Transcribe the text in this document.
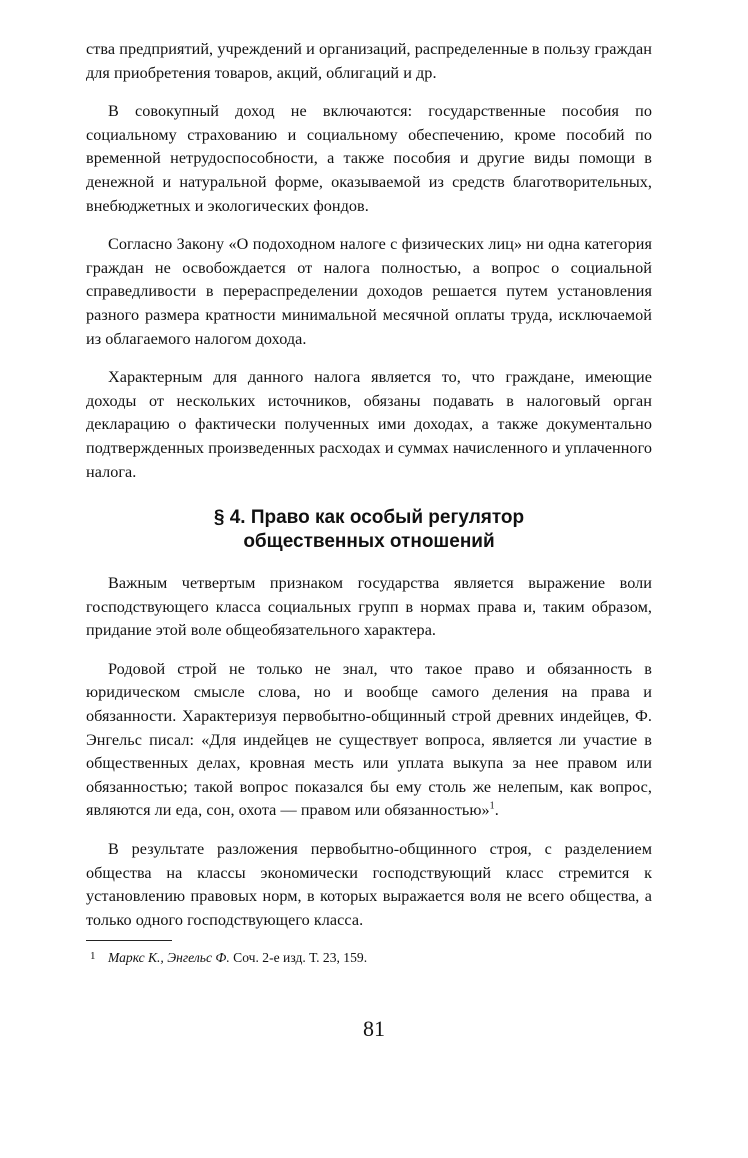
ства предприятий, учреждений и организаций, распределенные в пользу граждан для приобретения товаров, акций, облигаций и др.

В совокупный доход не включаются: государственные пособия по социальному страхованию и социальному обеспечению, кроме пособий по временной нетрудоспособности, а также пособия и другие виды помощи в денежной и натуральной форме, оказываемой из средств благотворительных, внебюджетных и экологических фондов.

Согласно Закону «О подоходном налоге с физических лиц» ни одна категория граждан не освобождается от налога полностью, а вопрос о социальной справедливости в перераспределении доходов решается путем установления разного размера кратности минимальной месячной оплаты труда, исключаемой из облагаемого налогом дохода.

Характерным для данного налога является то, что граждане, имеющие доходы от нескольких источников, обязаны подавать в налоговый орган декларацию о фактически полученных ими доходах, а также документально подтвержденных произведенных расходах и суммах начисленного и уплаченного налога.

§ 4. Право как особый регулятор
общественных отношений

Важным четвертым признаком государства является выражение воли господствующего класса социальных групп в нормах права и, таким образом, придание этой воле общеобязательного характера.

Родовой строй не только не знал, что такое право и обязанность в юридическом смысле слова, но и вообще самого деления на права и обязанности. Характеризуя первобытно-общинный строй древних индейцев, Ф. Энгельс писал: «Для индейцев не существует вопроса, является ли участие в общественных делах, кровная месть или уплата выкупа за нее правом или обязанностью; такой вопрос показался бы ему столь же нелепым, как вопрос, являются ли еда, сон, охота — правом или обязанностью»$^1$.

В результате разложения первобытно-общинного строя, с разделением общества на классы экономически господствующий класс стремится к установлению правовых норм, в которых выражается воля не всего общества, а только одного господствующего класса.

1 Маркс К., Энгельс Ф. Соч. 2-е изд. Т. 23, 159.

81
